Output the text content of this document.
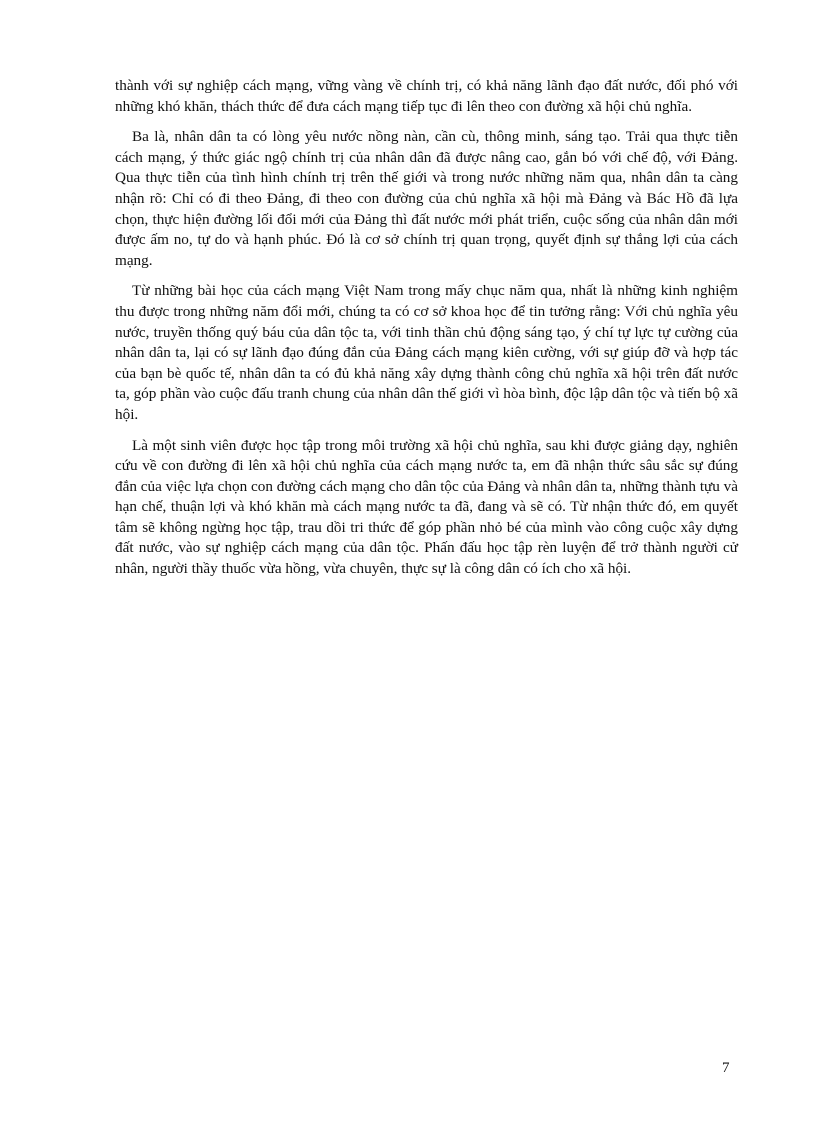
thành với sự nghiệp cách mạng, vững vàng về chính trị, có khả năng lãnh đạo đất nước, đối phó với những khó khăn, thách thức để đưa cách mạng tiếp tục đi lên theo con đường xã hội chủ nghĩa.

Ba là, nhân dân ta có lòng yêu nước nồng nàn, cần cù, thông minh, sáng tạo. Trải qua thực tiễn cách mạng, ý thức giác ngộ chính trị của nhân dân đã được nâng cao, gắn bó với chế độ, với Đảng. Qua thực tiễn của tình hình chính trị trên thế giới và trong nước những năm qua, nhân dân ta càng nhận rõ: Chỉ có đi theo Đảng, đi theo con đường của chủ nghĩa xã hội mà Đảng và Bác Hồ đã lựa chọn, thực hiện đường lối đổi mới của Đảng thì đất nước mới phát triển, cuộc sống của nhân dân mới được ấm no, tự do và hạnh phúc. Đó là cơ sở chính trị quan trọng, quyết định sự thắng lợi của cách mạng.

Từ những bài học của cách mạng Việt Nam trong mấy chục năm qua, nhất là những kinh nghiệm thu được trong những năm đổi mới, chúng ta có cơ sở khoa học để tin tưởng rằng: Với chủ nghĩa yêu nước, truyền thống quý báu của dân tộc ta, với tinh thần chủ động sáng tạo, ý chí tự lực tự cường của nhân dân ta, lại có sự lãnh đạo đúng đắn của Đảng cách mạng kiên cường, với sự giúp đỡ và hợp tác của bạn bè quốc tế, nhân dân ta có đủ khả năng xây dựng thành công chủ nghĩa xã hội trên đất nước ta, góp phần vào cuộc đấu tranh chung của nhân dân thế giới vì hòa bình, độc lập dân tộc và tiến bộ xã hội.

Là một sinh viên được học tập trong môi trường xã hội chủ nghĩa, sau khi được giảng dạy, nghiên cứu về con đường đi lên xã hội chủ nghĩa của cách mạng nước ta, em đã nhận thức sâu sắc sự đúng đắn của việc lựa chọn con đường cách mạng cho dân tộc của Đảng và nhân dân ta, những thành tựu và hạn chế, thuận lợi và khó khăn mà cách mạng nước ta đã, đang và sẽ có. Từ nhận thức đó, em quyết tâm sẽ không ngừng học tập, trau dồi tri thức để góp phần nhỏ bé của mình vào công cuộc xây dựng đất nước, vào sự nghiệp cách mạng của dân tộc. Phấn đấu học tập rèn luyện để trở thành người cử nhân, người thầy thuốc vừa hồng, vừa chuyên, thực sự là công dân có ích cho xã hội.

7
